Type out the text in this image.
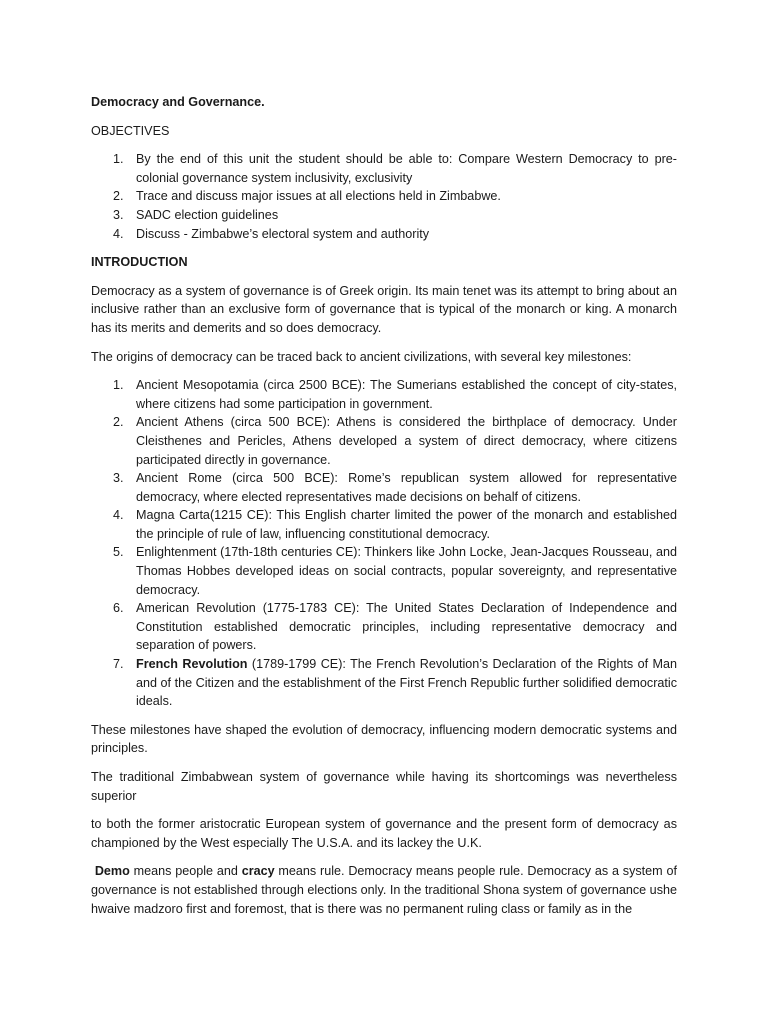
Democracy and Governance.
OBJECTIVES
1. By the end of this unit the student should be able to: Compare Western Democracy to pre-colonial governance system inclusivity, exclusivity
2. Trace and discuss major issues at all elections held in Zimbabwe.
3. SADC election guidelines
4. Discuss - Zimbabwe’s electoral system and authority
INTRODUCTION

Democracy as a system of governance is of Greek origin. Its main tenet was its attempt to bring about an inclusive rather than an exclusive form of governance that is typical of the monarch or king. A monarch has its merits and demerits and so does democracy.

The origins of democracy can be traced back to ancient civilizations, with several key milestones:

1. Ancient Mesopotamia (circa 2500 BCE): The Sumerians established the concept of city-states, where citizens had some participation in government.
2. Ancient Athens (circa 500 BCE): Athens is considered the birthplace of democracy. Under Cleisthenes and Pericles, Athens developed a system of direct democracy, where citizens participated directly in governance.
3. Ancient Rome (circa 500 BCE): Rome’s republican system allowed for representative democracy, where elected representatives made decisions on behalf of citizens.
4. Magna Carta(1215 CE): This English charter limited the power of the monarch and established the principle of rule of law, influencing constitutional democracy.
5. Enlightenment (17th-18th centuries CE): Thinkers like John Locke, Jean-Jacques Rousseau, and Thomas Hobbes developed ideas on social contracts, popular sovereignty, and representative democracy.
6. American Revolution (1775-1783 CE): The United States Declaration of Independence and Constitution established democratic principles, including representative democracy and separation of powers.
7. French Revolution (1789-1799 CE): The French Revolution’s Declaration of the Rights of Man and of the Citizen and the establishment of the First French Republic further solidified democratic ideals.

These milestones have shaped the evolution of democracy, influencing modern democratic systems and principles.

The traditional Zimbabwean system of governance while having its shortcomings was nevertheless superior

to both the former aristocratic European system of governance and the present form of democracy as championed by the West especially The U.S.A. and its lackey the U.K.

Demo means people and cracy means rule. Democracy means people rule. Democracy as a system of governance is not established through elections only. In the traditional Shona system of governance ushe hwaive madzoro first and foremost, that is there was no permanent ruling class or family as in the
